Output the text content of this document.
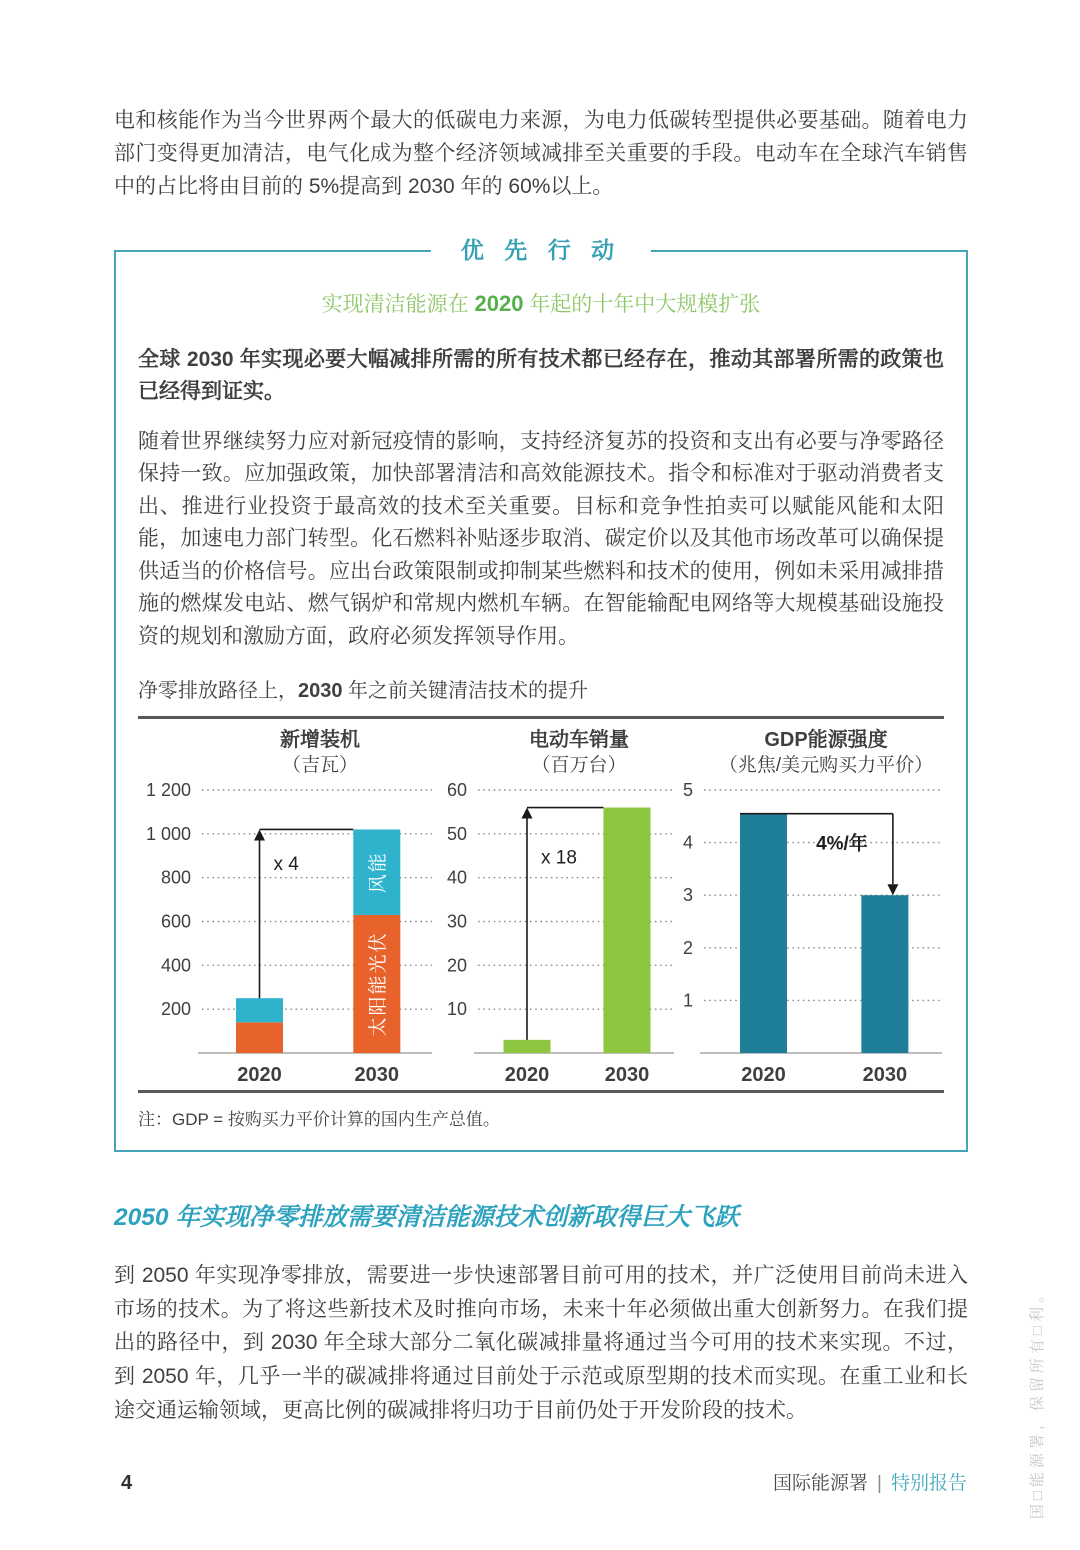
电和核能作为当今世界两个最大的低碳电力来源，为电力低碳转型提供必要基础。随着电力部门变得更加清洁，电气化成为整个经济领域减排至关重要的手段。电动车在全球汽车销售中的占比将由目前的 5%提高到 2030 年的 60%以上。

优 先 行 动
实现清洁能源在 2020 年起的十年中大规模扩张

全球 2030 年实现必要大幅减排所需的所有技术都已经存在，推动其部署所需的政策也已经得到证实。

随着世界继续努力应对新冠疫情的影响，支持经济复苏的投资和支出有必要与净零路径保持一致。应加强政策，加快部署清洁和高效能源技术。指令和标准对于驱动消费者支出、推进行业投资于最高效的技术至关重要。目标和竞争性拍卖可以赋能风能和太阳能，加速电力部门转型。化石燃料补贴逐步取消、碳定价以及其他市场改革可以确保提供适当的价格信号。应出台政策限制或抑制某些燃料和技术的使用，例如未采用减排措施的燃煤发电站、燃气锅炉和常规内燃机车辆。在智能输配电网络等大规模基础设施投资的规划和激励方面，政府必须发挥领导作用。

净零排放路径上，2030 年之前关键清洁技术的提升

新增装机
（吉瓦）
200
400
600
800
1 000
1 200
2020
太阳能光伏
风能
2030
x 4
电动车销量
（百万台）
10
20
30
40
50
60
2020	2030
x 18
GDP能源强度
（兆焦/美元购买力平价）
1
2
3
4
5
2020	2030
4%/年

注：GDP = 按购买力平价计算的国内生产总值。

2050 年实现净零排放需要清洁能源技术创新取得巨大飞跃

到 2050 年实现净零排放，需要进一步快速部署目前可用的技术，并广泛使用目前尚未进入市场的技术。为了将这些新技术及时推向市场，未来十年必须做出重大创新努力。在我们提出的路径中，到 2030 年全球大部分二氧化碳减排量将通过当今可用的技术来实现。不过，到 2050 年，几乎一半的碳减排将通过目前处于示范或原型期的技术而实现。在重工业和长途交通运输领域，更高比例的碳减排将归功于目前仍处于开发阶段的技术。

4	国际能源署 | 特别报告	国□能源署，保留所有□利。
